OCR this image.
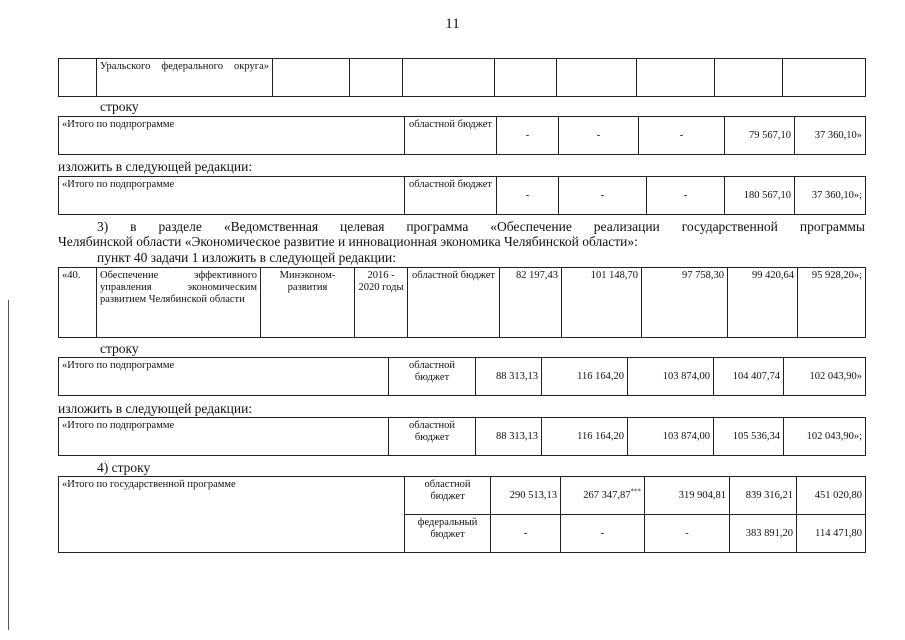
11
	Уральского федерального округа»								
строку
«Итого по подпрограмме	областной бюджет	-	-	-	79 567,10	37 360,10»
изложить в следующей редакции:
«Итого по подпрограмме	областной бюджет	-	-	-	180 567,10	37 360,10»;
3) в разделе «Ведомственная целевая программа «Обеспечение реализации государственной программы
Челябинской области «Экономическое развитие и инновационная экономика Челябинской области»:
пункт 40 задачи 1 изложить в следующей редакции:
«40.	Обеспечение эффективного управления экономическим развитием Челябинской области	Минэконом-развития	2016 - 2020 годы	областной бюджет	82 197,43	101 148,70	97 758,30	99 420,64	95 928,20»;
строку
«Итого по подпрограмме	областной бюджет	88 313,13	116 164,20	103 874,00	104 407,74	102 043,90»
изложить в следующей редакции:
«Итого по подпрограмме	областной бюджет	88 313,13	116 164,20	103 874,00	105 536,34	102 043,90»;
4) строку
«Итого по государственной программе	областной бюджет	290 513,13	267 347,87***	319 904,81	839 316,21	451 020,80
	федеральный бюджет	-	-	-	383 891,20	114 471,80
